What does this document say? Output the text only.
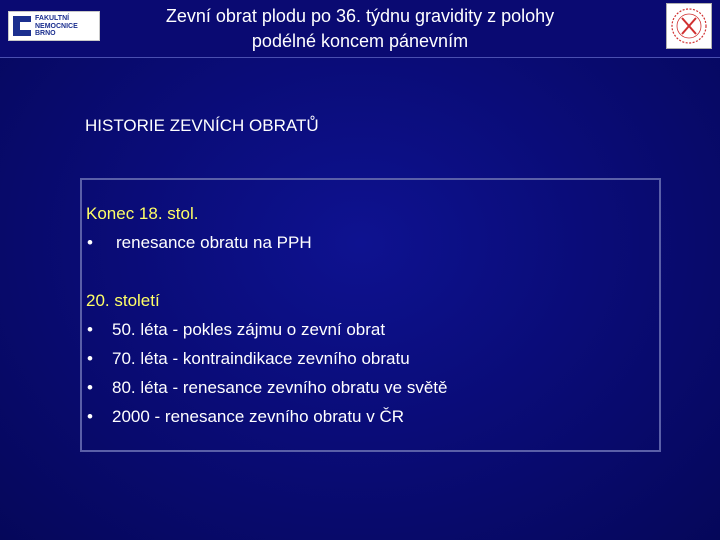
FAKULTNÍ
NEMOCNICE
BRNO
Zevní obrat plodu po 36. týdnu gravidity z polohy
podélné koncem pánevním
HISTORIE ZEVNÍCH OBRATŮ

Konec 18. stol.

• renesance obratu na PPH

20. století

• 50. léta - pokles zájmu o zevní obrat

• 70. léta - kontraindikace zevního obratu

• 80. léta - renesance zevního obratu ve světě

• 2000 - renesance zevního obratu v ČR
